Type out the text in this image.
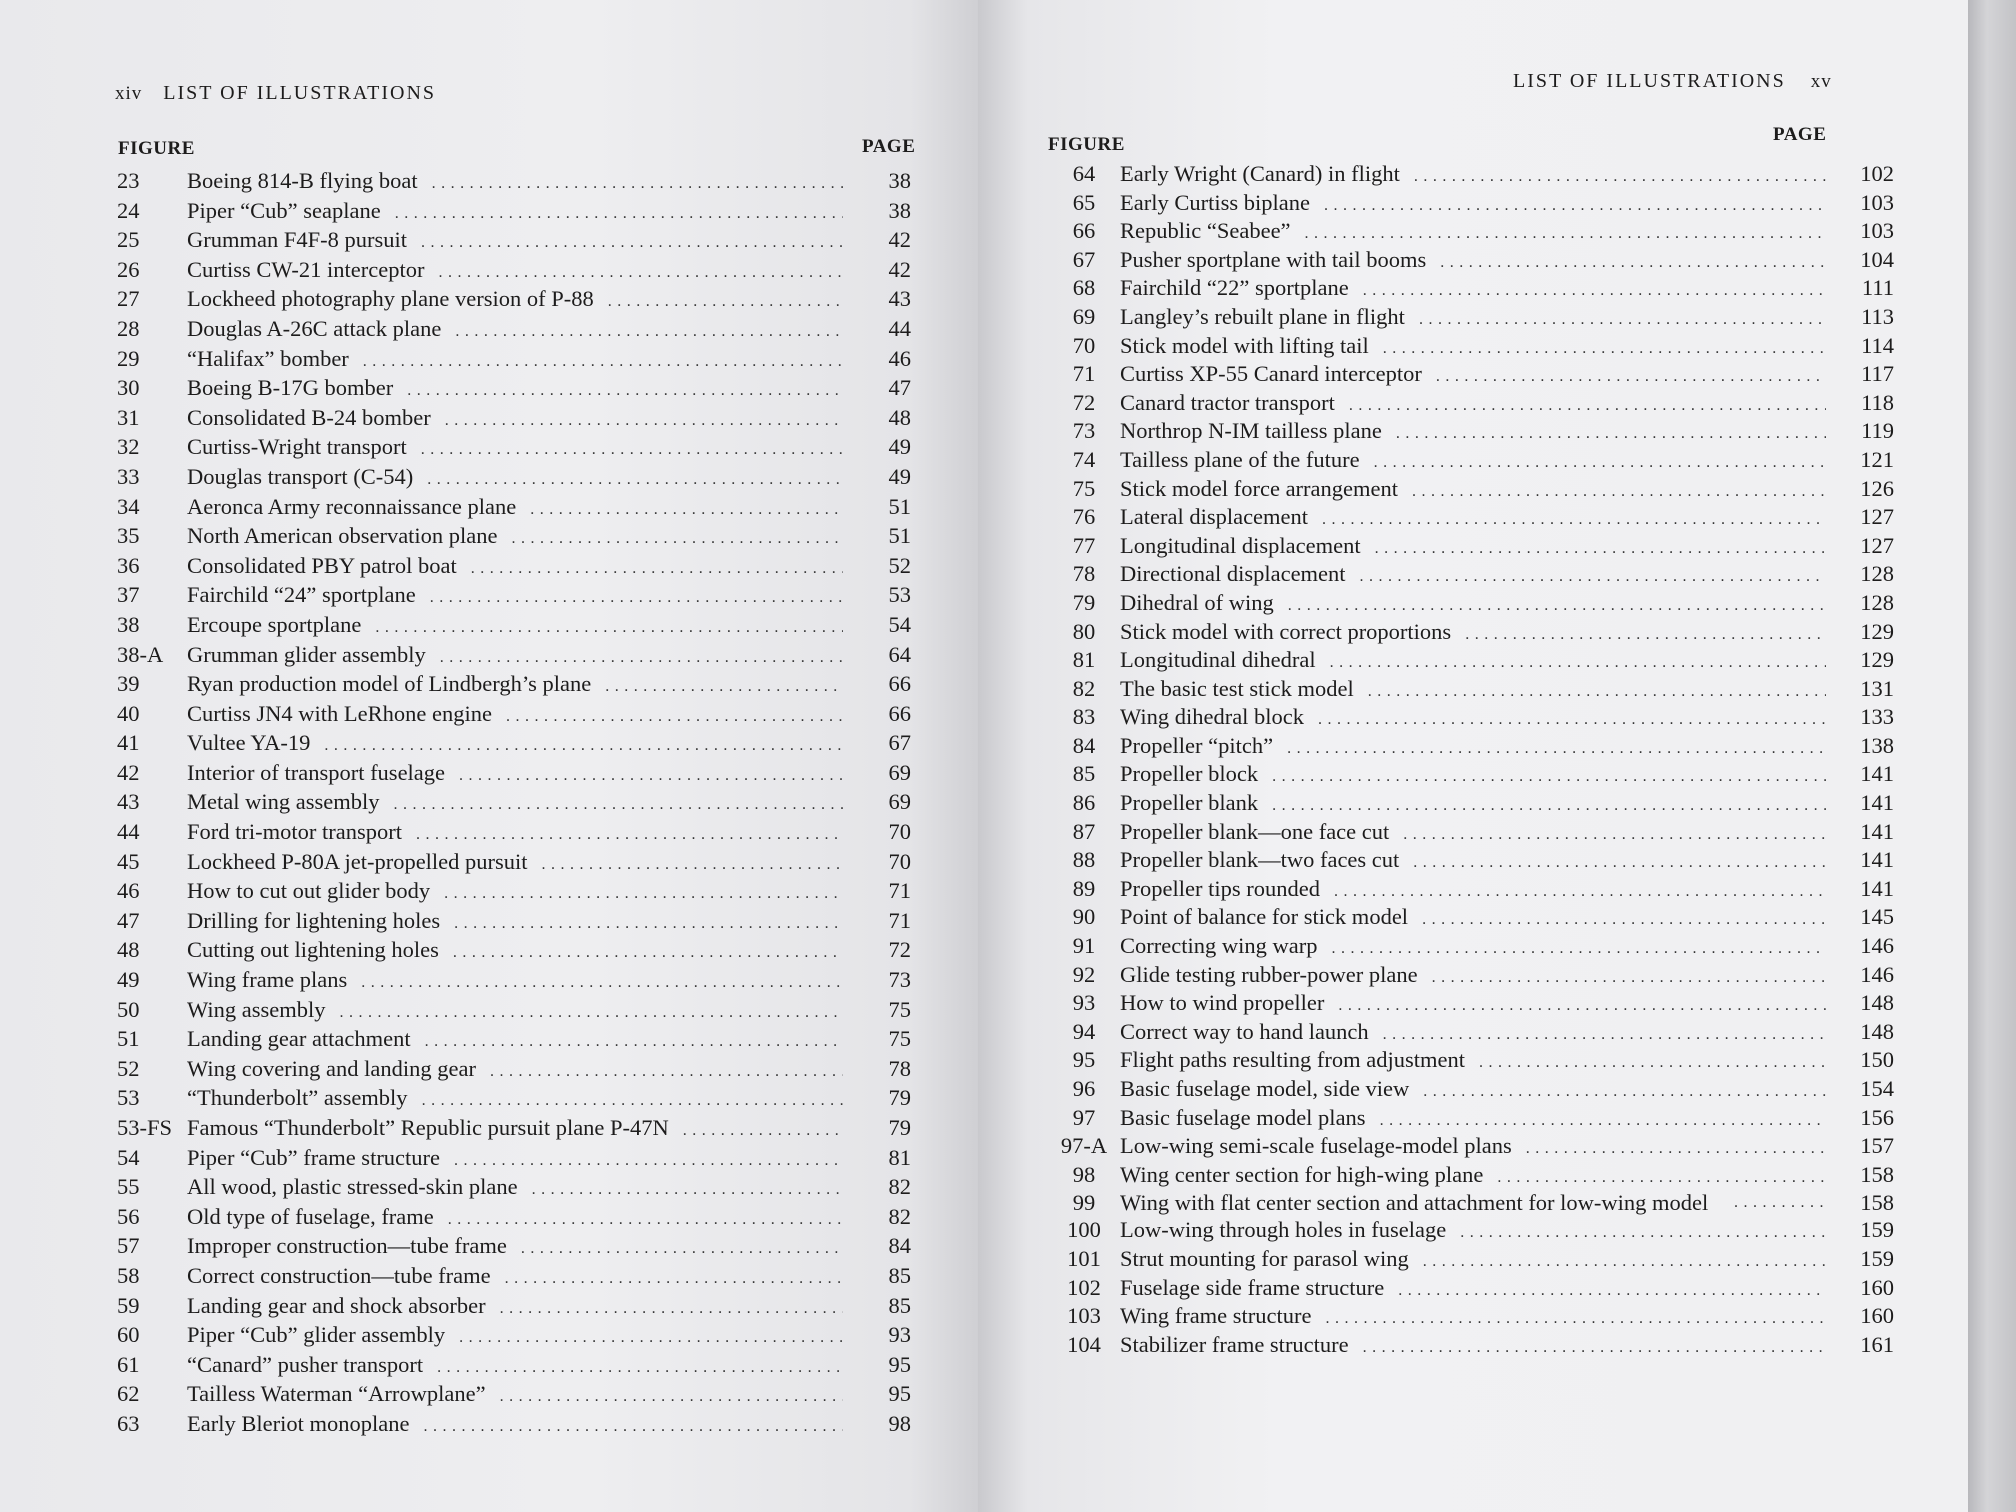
xiv LIST OF ILLUSTRATIONS
FIGURE	PAGE
23	Boeing 814-B flying boat .....	38
24	Piper “Cub” seaplane .....	38
25	Grumman F4F-8 pursuit .....	42
26	Curtiss CW-21 interceptor .....	42
27	Lockheed photography plane version of P-88 .....	43
28	Douglas A-26C attack plane .....	44
29	“Halifax” bomber .....	46
30	Boeing B-17G bomber .....	47
31	Consolidated B-24 bomber .....	48
32	Curtiss-Wright transport .....	49
33	Douglas transport (C-54) .....	49
34	Aeronca Army reconnaissance plane .....	51
35	North American observation plane .....	51
36	Consolidated PBY patrol boat .....	52
37	Fairchild “24” sportplane .....	53
38	Ercoupe sportplane .....	54
38-A	Grumman glider assembly .....	64
39	Ryan production model of Lindbergh’s plane .....	66
40	Curtiss JN4 with LeRhone engine .....	66
41	Vultee YA-19 .....	67
42	Interior of transport fuselage .....	69
43	Metal wing assembly .....	69
44	Ford tri-motor transport .....	70
45	Lockheed P-80A jet-propelled pursuit .....	70
46	How to cut out glider body .....	71
47	Drilling for lightening holes .....	71
48	Cutting out lightening holes .....	72
49	Wing frame plans .....	73
50	Wing assembly .....	75
51	Landing gear attachment .....	75
52	Wing covering and landing gear .....	78
53	“Thunderbolt” assembly .....	79
53-FS Famous “Thunderbolt” Republic pursuit plane P-47N .....	79
54	Piper “Cub” frame structure .....	81
55	All wood, plastic stressed-skin plane .....	82
56	Old type of fuselage, frame .....	82
57	Improper construction—tube frame .....	84
58	Correct construction—tube frame .....	85
59	Landing gear and shock absorber .....	85
60	Piper “Cub” glider assembly .....	93
61	“Canard” pusher transport .....	95
62	Tailless Waterman “Arrowplane” .....	95
63	Early Bleriot monoplane .....	98
LIST OF ILLUSTRATIONS xv
FIGURE	PAGE
64	Early Wright (Canard) in flight .....	102
65	Early Curtiss biplane .....	103
66	Republic “Seabee” .....	103
67	Pusher sportplane with tail booms .....	104
68	Fairchild “22” sportplane .....	111
69	Langley’s rebuilt plane in flight .....	113
70	Stick model with lifting tail .....	114
71	Curtiss XP-55 Canard interceptor .....	117
72	Canard tractor transport .....	118
73	Northrop N-IM tailless plane .....	119
74	Tailless plane of the future .....	121
75	Stick model force arrangement .....	126
76	Lateral displacement .....	127
77	Longitudinal displacement .....	127
78	Directional displacement .....	128
79	Dihedral of wing .....	128
80	Stick model with correct proportions .....	129
81	Longitudinal dihedral .....	129
82	The basic test stick model .....	131
83	Wing dihedral block .....	133
84	Propeller “pitch” .....	138
85	Propeller block .....	141
86	Propeller blank .....	141
87	Propeller blank—one face cut .....	141
88	Propeller blank—two faces cut .....	141
89	Propeller tips rounded .....	141
90	Point of balance for stick model .....	145
91	Correcting wing warp .....	146
92	Glide testing rubber-power plane .....	146
93	How to wind propeller .....	148
94	Correct way to hand launch .....	148
95	Flight paths resulting from adjustment .....	150
96	Basic fuselage model, side view .....	154
97	Basic fuselage model plans .....	156
97-A Low-wing semi-scale fuselage-model plans .....	157
98	Wing center section for high-wing plane .....	158
99	Wing with flat center section and attachment for low-wing model .....	158
100 Low-wing through holes in fuselage .....	159
101 Strut mounting for parasol wing .....	159
102 Fuselage side frame structure .....	160
103 Wing frame structure .....	160
104 Stabilizer frame structure .....	161
